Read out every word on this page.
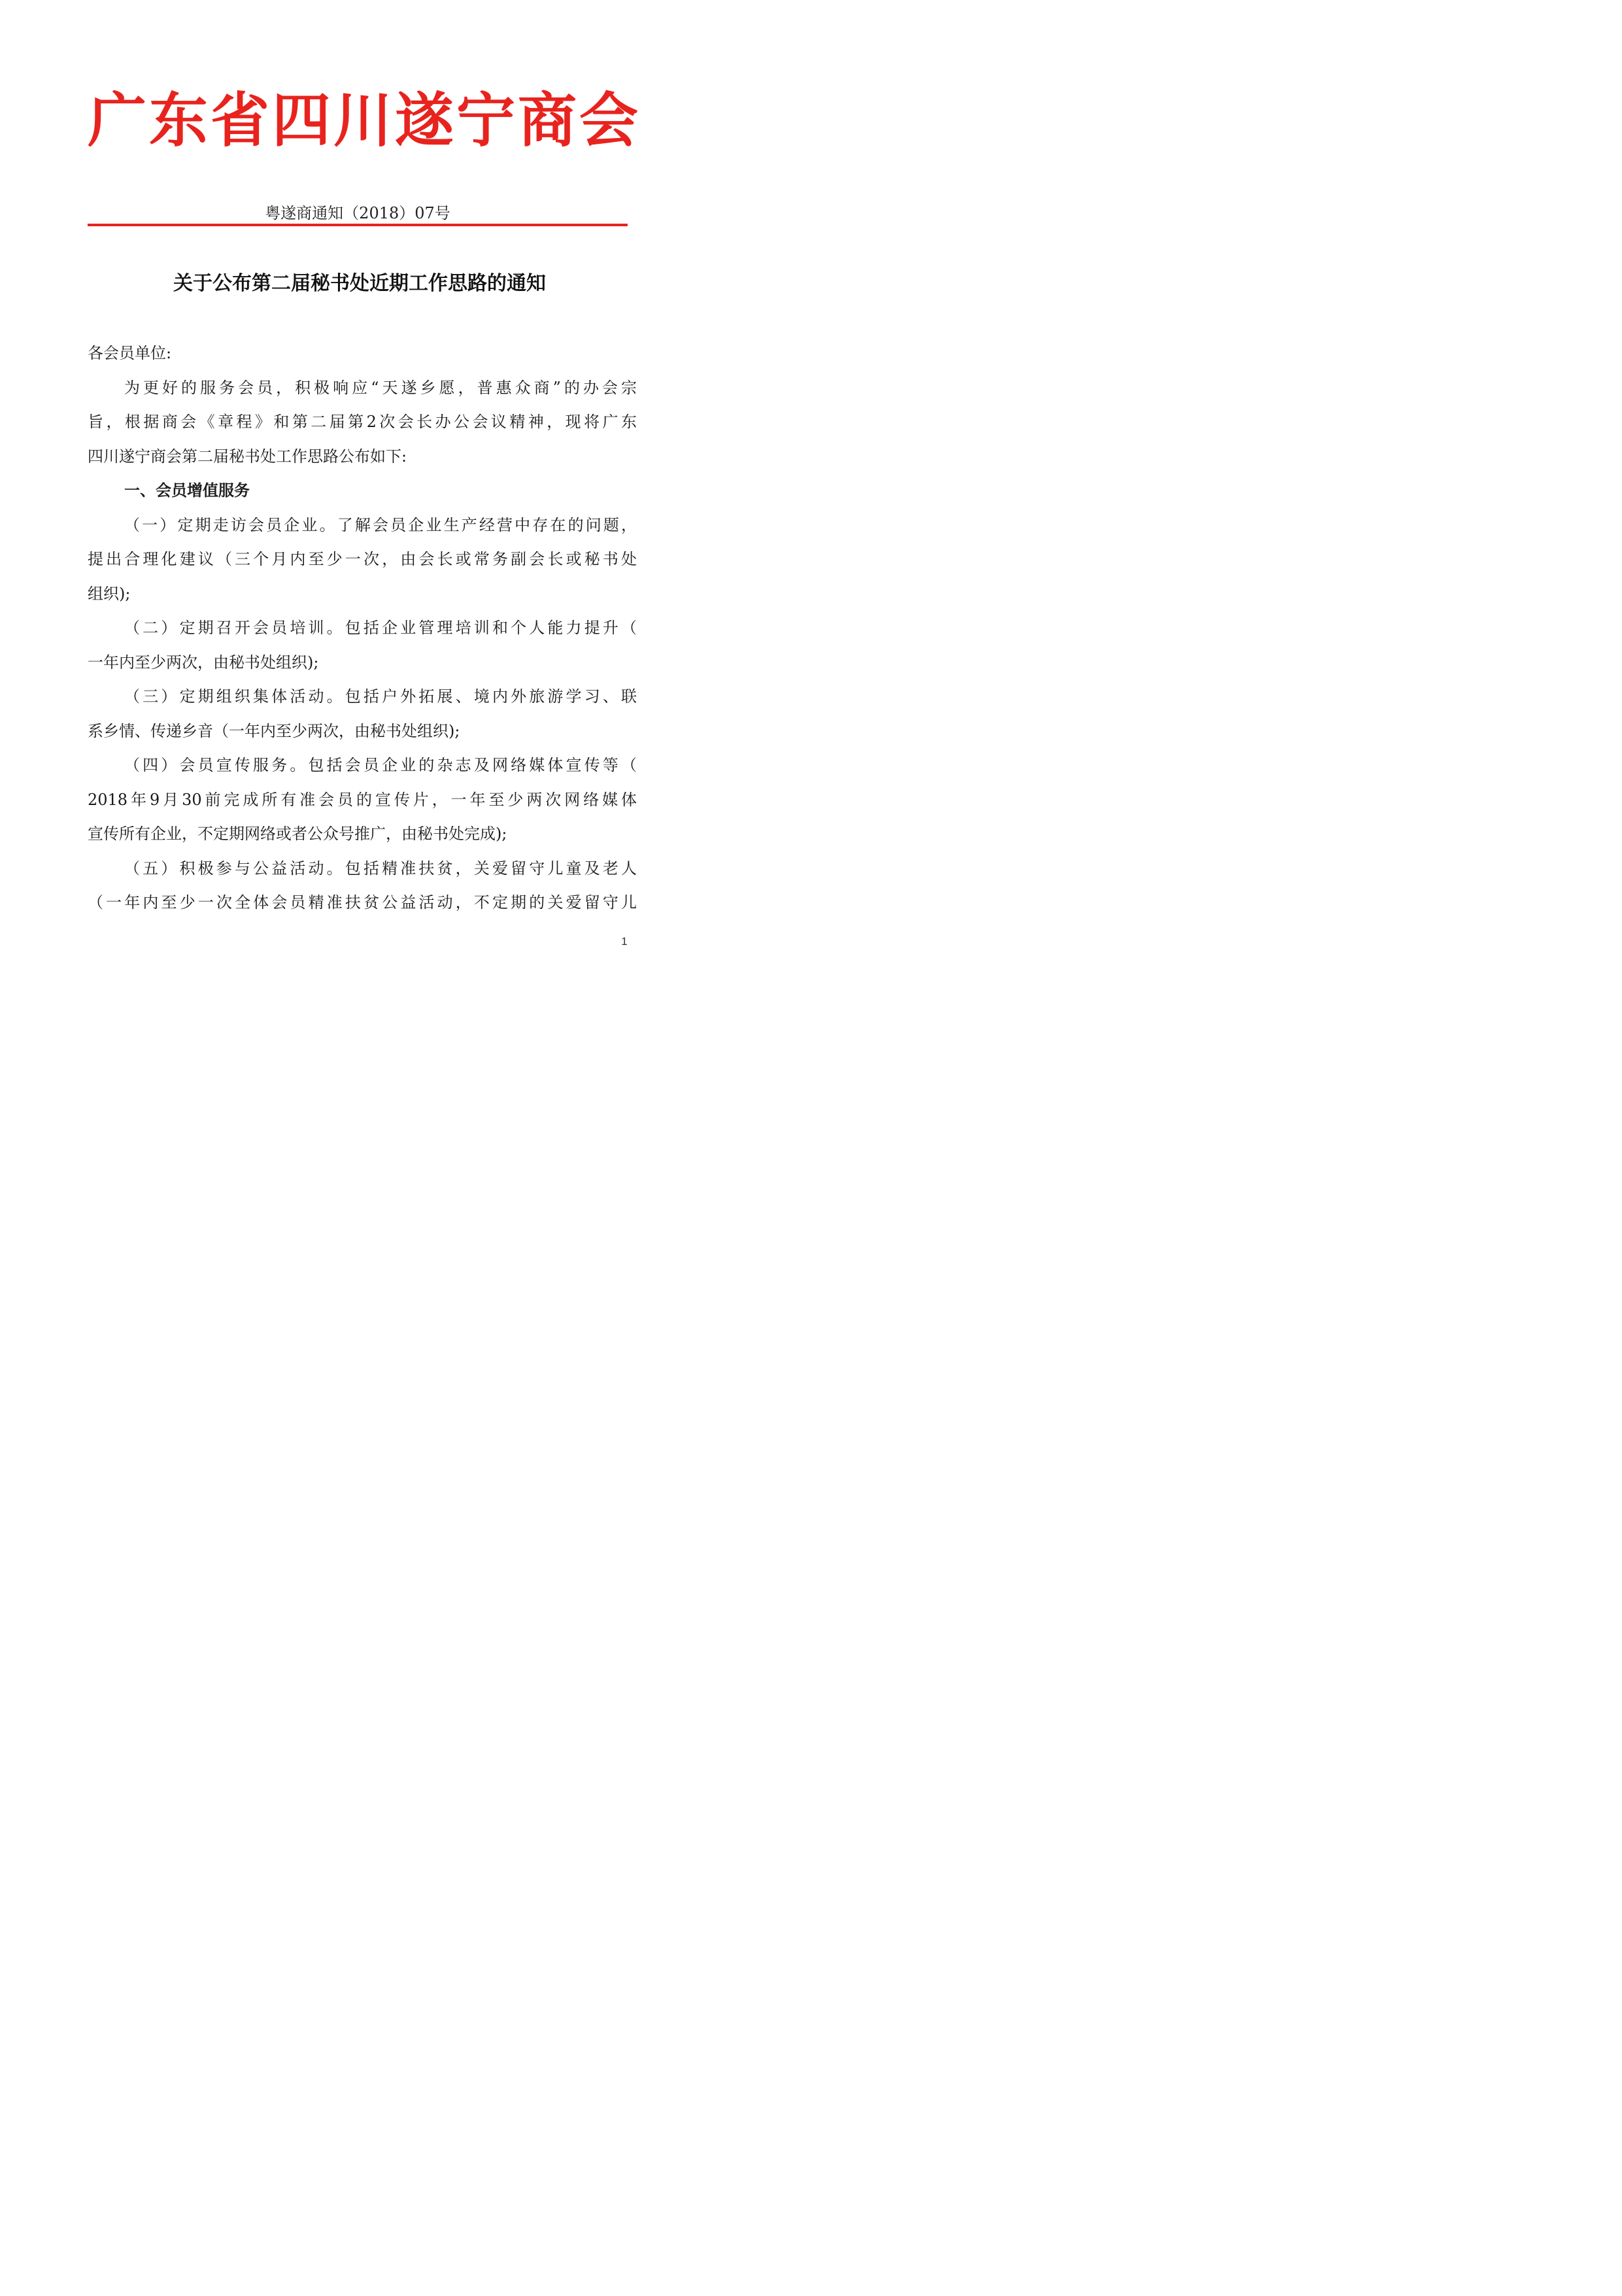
广东省四川遂宁商会
粤遂商通知（2018）07号
关于公布第二届秘书处近期工作思路的通知
各会员单位:
为更好的服务会员，积极响应“天遂乡愿，普惠众商”的办会宗
旨，根据商会《章程》和第二届第2次会长办公会议精神，现将广东
四川遂宁商会第二届秘书处工作思路公布如下:
一、会员增值服务
（一）定期走访会员企业。了解会员企业生产经营中存在的问题，
提出合理化建议（三个月内至少一次，由会长或常务副会长或秘书处
组织);
（二）定期召开会员培训。包括企业管理培训和个人能力提升（
一年内至少两次，由秘书处组织);
（三）定期组织集体活动。包括户外拓展、境内外旅游学习、联
系乡情、传递乡音（一年内至少两次，由秘书处组织);
（四）会员宣传服务。包括会员企业的杂志及网络媒体宣传等（
2018年9月30前完成所有准会员的宣传片，一年至少两次网络媒体
宣传所有企业，不定期网络或者公众号推广，由秘书处完成);
（五）积极参与公益活动。包括精准扶贫，关爱留守儿童及老人
（一年内至少一次全体会员精准扶贫公益活动，不定期的关爱留守儿
1
